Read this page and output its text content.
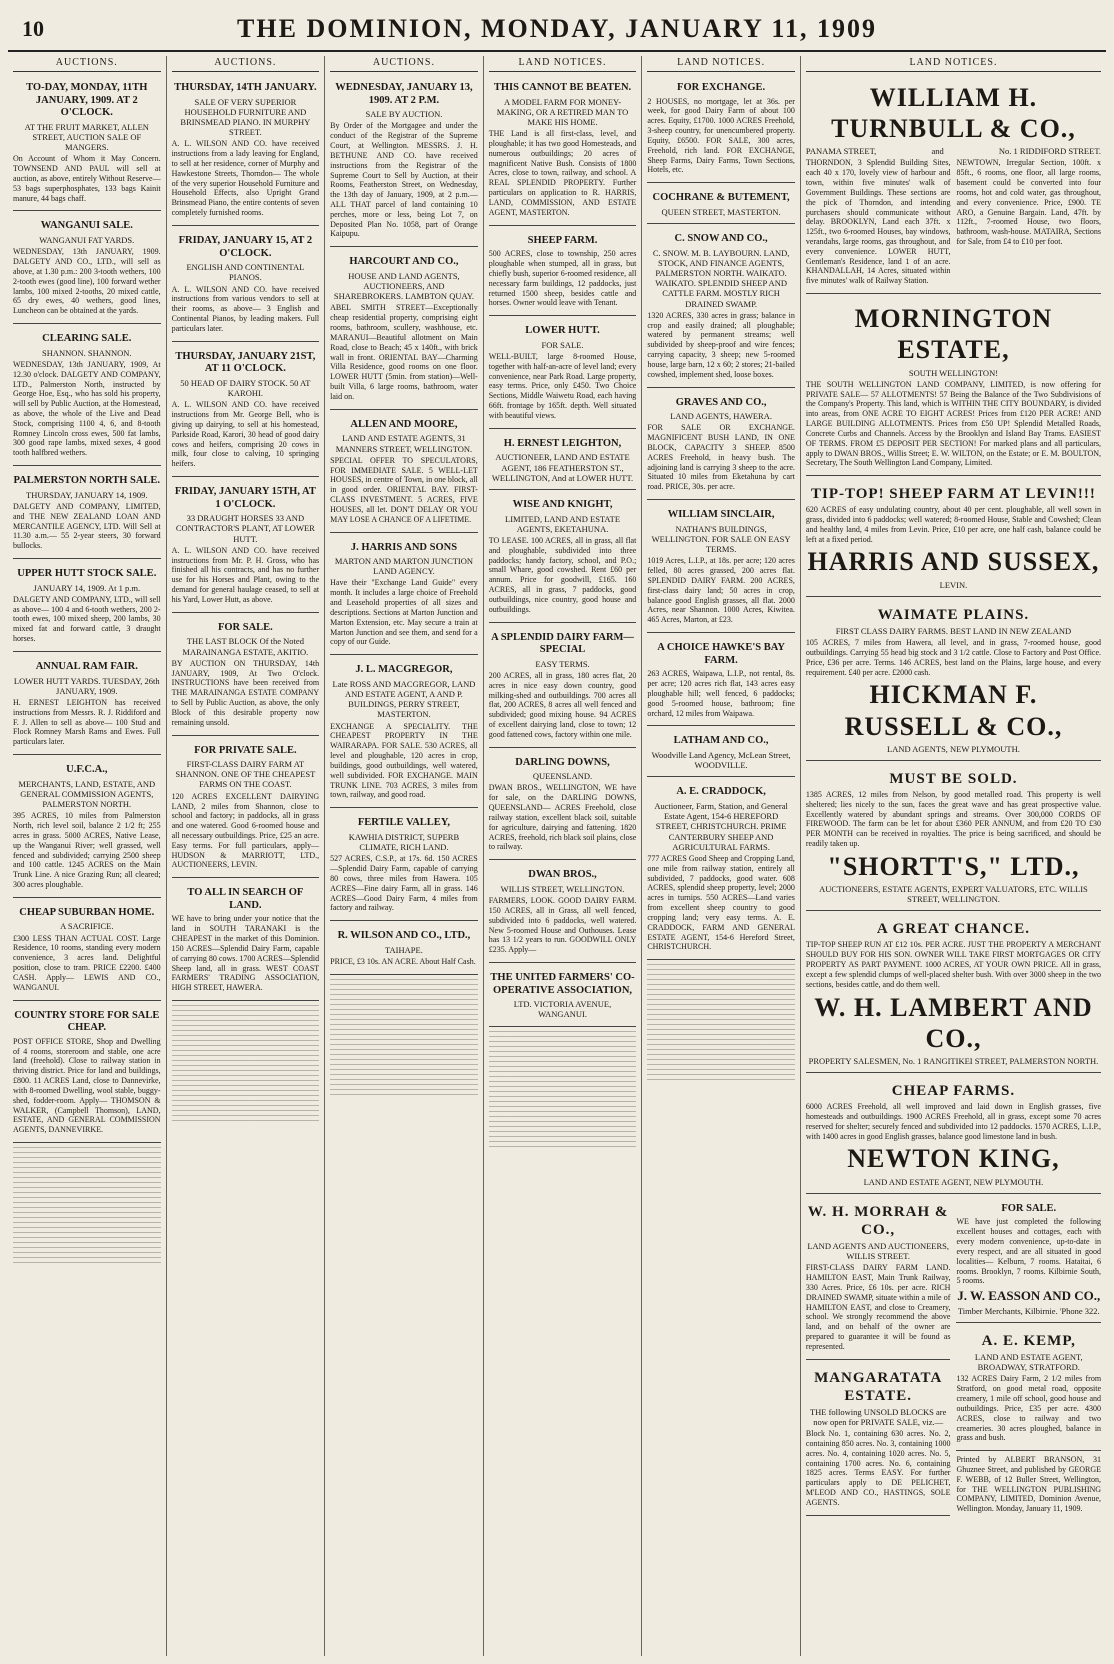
10	THE DOMINION, MONDAY, JANUARY 11, 1909
AUCTIONS.
TO-DAY, MONDAY, 11TH JANUARY, 1909. AT 2 O'CLOCK.
AT THE FRUIT MARKET, ALLEN STREET, AUCTION SALE OF MANGERS.
On Account of Whom it May Concern. TOWNSEND AND PAUL will sell at auction, as above, entirely Without Reserve— 53 bags superphosphates, 133 bags Kainit manure, 44 bags chaff.
WANGANUI SALE.
WANGANUI FAT YARDS.
WEDNESDAY, 13th JANUARY, 1909. DALGETY AND CO., LTD., will sell as above, at 1.30 p.m.: 200 3-tooth wethers, 100 2-tooth ewes (good line), 100 forward wether lambs, 100 mixed 2-tooths, 20 mixed cattle, 65 dry ewes, 40 wethers, good lines, Luncheon can be obtained at the yards.
CLEARING SALE.
SHANNON. SHANNON.
WEDNESDAY, 13th JANUARY, 1909, At 12.30 o'clock. DALGETY AND COMPANY, LTD., Palmerston North, instructed by George Hoe, Esq., who has sold his property, will sell by Public Auction, at the Homestead, as above, the whole of the Live and Dead Stock, comprising 1100 4, 6, and 8-tooth Romney Lincoln cross ewes, 500 fat lambs, 300 good rape lambs, mixed sexes, 4 good tooth halfbred wethers.
PALMERSTON NORTH SALE.
THURSDAY, JANUARY 14, 1909.
DALGETY AND COMPANY, LIMITED, and THE NEW ZEALAND LOAN AND MERCANTILE AGENCY, LTD. Will Sell at 11.30 a.m.— 55 2-year steers, 30 forward bullocks.
UPPER HUTT STOCK SALE.
JANUARY 14, 1909. At 1 p.m.
DALGETY AND COMPANY, LTD., will sell as above— 100 4 and 6-tooth wethers, 200 2-tooth ewes, 100 mixed sheep, 200 lambs, 30 mixed fat and forward cattle, 3 draught horses.
ANNUAL RAM FAIR.
LOWER HUTT YARDS. TUESDAY, 26th JANUARY, 1909.
H. ERNEST LEIGHTON has received instructions from Messrs. R. J. Riddiford and F. J. Allen to sell as above— 100 Stud and Flock Romney Marsh Rams and Ewes. Full particulars later.
U.F.C.A.,
MERCHANTS, LAND, ESTATE, AND GENERAL COMMISSION AGENTS, PALMERSTON NORTH.
395 ACRES, 10 miles from Palmerston North, rich level soil, balance 2 1/2 ft; 255 acres in grass. 5000 ACRES, Native Lease, up the Wanganui River; well grassed, well fenced and subdivided; carrying 2500 sheep and 100 cattle. 1245 ACRES on the Main Trunk Line. A nice Grazing Run; all cleared; 300 acres ploughable.
CHEAP SUBURBAN HOME.
A SACRIFICE.
£300 LESS THAN ACTUAL COST. Large Residence, 10 rooms, standing every modern convenience, 3 acres land. Delightful position, close to tram. PRICE £2200. £400 CASH. Apply— LEWIS AND CO., WANGANUI.
COUNTRY STORE FOR SALE CHEAP.
POST OFFICE STORE, Shop and Dwelling of 4 rooms, storeroom and stable, one acre land (freehold). Close to railway station in thriving district. Price for land and buildings, £800. 11 ACRES Land, close to Dannevirke, with 8-roomed Dwelling, wool stable, buggy-shed, fodder-room. Apply— THOMSON & WALKER, (Campbell Thomson), LAND, ESTATE, AND GENERAL COMMISSION AGENTS, DANNEVIRKE.
AUCTIONS.
THURSDAY, 14TH JANUARY.
SALE OF VERY SUPERIOR HOUSEHOLD FURNITURE AND BRINSMEAD PIANO. IN MURPHY STREET.
A. L. WILSON AND CO. have received instructions from a lady leaving for England, to sell at her residence, corner of Murphy and Hawkestone Streets, Thorndon— The whole of the very superior Household Furniture and Household Effects, also Upright Grand Brinsmead Piano, the entire contents of seven completely furnished rooms.
FRIDAY, JANUARY 15, AT 2 O'CLOCK.
ENGLISH AND CONTINENTAL PIANOS.
A. L. WILSON AND CO. have received instructions from various vendors to sell at their rooms, as above— 3 English and Continental Pianos, by leading makers. Full particulars later.
THURSDAY, JANUARY 21ST, AT 11 O'CLOCK.
50 HEAD OF DAIRY STOCK. 50 AT KAROHI.
A. L. WILSON AND CO. have received instructions from Mr. George Bell, who is giving up dairying, to sell at his homestead, Parkside Road, Karori, 30 head of good dairy cows and heifers, comprising 20 cows in milk, four close to calving, 10 springing heifers.
FRIDAY, JANUARY 15TH, AT 1 O'CLOCK.
33 DRAUGHT HORSES 33 AND CONTRACTOR'S PLANT, AT LOWER HUTT.
A. L. WILSON AND CO. have received instructions from Mr. P. H. Gross, who has finished all his contracts, and has no further use for his Horses and Plant, owing to the demand for general haulage ceased, to sell at his Yard, Lower Hutt, as above.
FOR SALE.
THE LAST BLOCK Of the Noted MARAINANGA ESTATE, AKITIO.
BY AUCTION ON THURSDAY, 14th JANUARY, 1909, At Two O'clock. INSTRUCTIONS have been received from THE MARAINANGA ESTATE COMPANY to Sell by Public Auction, as above, the only Block of this desirable property now remaining unsold.
FOR PRIVATE SALE.
FIRST-CLASS DAIRY FARM AT SHANNON. ONE OF THE CHEAPEST FARMS ON THE COAST.
120 ACRES EXCELLENT DAIRYING LAND, 2 miles from Shannon, close to school and factory; in paddocks, all in grass and one watered. Good 6-roomed house and all necessary outbuildings. Price, £25 an acre. Easy terms. For full particulars, apply— HUDSON & MARRIOTT, LTD., AUCTIONEERS, LEVIN.
TO ALL IN SEARCH OF LAND.
WE have to bring under your notice that the land in SOUTH TARANAKI is the CHEAPEST in the market of this Dominion. 150 ACRES—Splendid Dairy Farm, capable of carrying 80 cows. 1700 ACRES—Splendid Sheep land, all in grass. WEST COAST FARMERS' TRADING ASSOCIATION, HIGH STREET, HAWERA.
AUCTIONS.
WEDNESDAY, JANUARY 13, 1909. AT 2 P.M.
SALE BY AUCTION.
By Order of the Mortgagee and under the conduct of the Registrar of the Supreme Court, at Wellington. MESSRS. J. H. BETHUNE AND CO. have received instructions from the Registrar of the Supreme Court to Sell by Auction, at their Rooms, Featherston Street, on Wednesday, the 13th day of January, 1909, at 2 p.m.— ALL THAT parcel of land containing 10 perches, more or less, being Lot 7, on Deposited Plan No. 1058, part of Orange Kaipupu.
HARCOURT AND CO.,
HOUSE AND LAND AGENTS, AUCTIONEERS, AND SHAREBROKERS. LAMBTON QUAY.
ABEL SMITH STREET—Exceptionally cheap residential property, comprising eight rooms, bathroom, scullery, washhouse, etc. MARANUI—Beautiful allotment on Main Road, close to Beach; 45 x 140ft., with brick wall in front. ORIENTAL BAY—Charming Villa Residence, good rooms on one floor. LOWER HUTT (5min. from station)—Well-built Villa, 6 large rooms, bathroom, water laid on.
ALLEN AND MOORE,
LAND AND ESTATE AGENTS, 31 MANNERS STREET, WELLINGTON.
SPECIAL OFFER TO SPECULATORS, FOR IMMEDIATE SALE. 5 WELL-LET HOUSES, in centre of Town, in one block, all in good order. ORIENTAL BAY. FIRST-CLASS INVESTMENT. 5 ACRES, FIVE HOUSES, all let. DON'T DELAY OR YOU MAY LOSE A CHANCE OF A LIFETIME.
J. HARRIS AND SONS
MARTON AND MARTON JUNCTION LAND AGENCY.
Have their "Exchange Land Guide" every month. It includes a large choice of Freehold and Leasehold properties of all sizes and descriptions. Sections at Marton Junction and Marton Extension, etc. May secure a train at Marton Junction and see them, and send for a copy of our Guide.
J. L. MACGREGOR,
Late ROSS AND MACGREGOR, LAND AND ESTATE AGENT, A AND P. BUILDINGS, PERRY STREET, MASTERTON.
EXCHANGE A SPECIALITY. THE CHEAPEST PROPERTY IN THE WAIRARAPA. FOR SALE. 530 ACRES, all level and ploughable, 120 acres in crop, buildings, good outbuildings, well watered, well subdivided. FOR EXCHANGE. MAIN TRUNK LINE. 703 ACRES, 3 miles from town, railway, and good road.
FERTILE VALLEY,
KAWHIA DISTRICT, SUPERB CLIMATE, RICH LAND.
527 ACRES, C.S.P., at 17s. 6d. 150 ACRES—Splendid Dairy Farm, capable of carrying 80 cows, three miles from Hawera. 105 ACRES—Fine dairy Farm, all in grass. 146 ACRES—Good Dairy Farm, 4 miles from factory and railway.
R. WILSON AND CO., LTD.,
TAIHAPE.
PRICE, £3 10s. AN ACRE. About Half Cash.
LAND NOTICES.
THIS CANNOT BE BEATEN.
A MODEL FARM FOR MONEY-MAKING, OR A RETIRED MAN TO MAKE HIS HOME.
THE Land is all first-class, level, and ploughable; it has two good Homesteads, and numerous outbuildings; 20 acres of magnificent Native Bush. Consists of 1800 Acres, close to town, railway, and school. A REAL SPLENDID PROPERTY. Further particulars on application to R. HARRIS, LAND, COMMISSION, AND ESTATE AGENT, MASTERTON.
SHEEP FARM.
500 ACRES, close to township, 250 acres ploughable when stumped, all in grass, but chiefly bush, superior 6-roomed residence, all necessary farm buildings, 12 paddocks, just returned 1500 sheep, besides cattle and horses. Owner would leave with Tenant.
LOWER HUTT.
FOR SALE.
WELL-BUILT, large 8-roomed House, together with half-an-acre of level land; every convenience, near Park Road. Large property, easy terms. Price, only £450. Two Choice Sections, Middle Waiwetu Road, each having 66ft. frontage by 165ft. depth. Well situated with beautiful views.
H. ERNEST LEIGHTON,
AUCTIONEER, LAND AND ESTATE AGENT, 186 FEATHERSTON ST., WELLINGTON, And at LOWER HUTT.
WISE AND KNIGHT,
LIMITED, LAND AND ESTATE AGENTS, EKETAHUNA.
TO LEASE. 100 ACRES, all in grass, all flat and ploughable, subdivided into three paddocks; handy factory, school, and P.O.; small Whare, good cowshed. Rent £60 per annum. Price for goodwill, £165. 160 ACRES, all in grass, 7 paddocks, good outbuildings, nice country, good house and outbuildings.
A SPLENDID DAIRY FARM—SPECIAL
EASY TERMS.
200 ACRES, all in grass, 180 acres flat, 20 acres in nice easy down country, good milking-shed and outbuildings. 700 acres all flat, 200 ACRES, 8 acres all well fenced and subdivided; good mixing house. 94 ACRES of excellent dairying land, close to town; 12 good fattened cows, factory within one mile.
DARLING DOWNS,
QUEENSLAND.
DWAN BROS., WELLINGTON, WE have for sale, on the DARLING DOWNS, QUEENSLAND— ACRES Freehold, close railway station, excellent black soil, suitable for agriculture, dairying and fattening. 1820 ACRES, freehold, rich black soil plains, close to railway.
DWAN BROS.,
WILLIS STREET, WELLINGTON.
FARMERS, LOOK. GOOD DAIRY FARM. 150 ACRES, all in Grass, all well fenced, subdivided into 6 paddocks, well watered. New 5-roomed House and Outhouses. Lease has 13 1/2 years to run. GOODWILL ONLY £235. Apply—
THE UNITED FARMERS' CO-OPERATIVE ASSOCIATION,
LTD. VICTORIA AVENUE, WANGANUI.
LAND NOTICES.
FOR EXCHANGE.
2 HOUSES, no mortgage, let at 36s. per week, for good Dairy Farm of about 100 acres. Equity, £1700. 1000 ACRES Freehold, 3-sheep country, for unencumbered property. Equity, £6500. FOR SALE, 300 acres, Freehold, rich land. FOR EXCHANGE, Sheep Farms, Dairy Farms, Town Sections, Hotels, etc.
COCHRANE & BUTEMENT,
QUEEN STREET, MASTERTON.
C. SNOW AND CO.,
C. SNOW. M. B. LAYBOURN. LAND, STOCK, AND FINANCE AGENTS, PALMERSTON NORTH. WAIKATO. WAIKATO. SPLENDID SHEEP AND CATTLE FARM. MOSTLY RICH DRAINED SWAMP.
1320 ACRES, 330 acres in grass; balance in crop and easily drained; all ploughable; watered by permanent streams; well subdivided by sheep-proof and wire fences; carrying capacity, 3 sheep; new 5-roomed house, large barn, 12 x 60; 2 stores; 21-bailed cowshed, implement shed, loose boxes.
GRAVES AND CO.,
LAND AGENTS, HAWERA.
FOR SALE OR EXCHANGE. MAGNIFICENT BUSH LAND, IN ONE BLOCK, CAPACITY 3 SHEEP. 8500 ACRES Freehold, in heavy bush. The adjoining land is carrying 3 sheep to the acre. Situated 10 miles from Eketahuna by cart road. PRICE, 30s. per acre.
WILLIAM SINCLAIR,
NATHAN'S BUILDINGS, WELLINGTON. FOR SALE ON EASY TERMS.
1019 Acres, L.I.P., at 18s. per acre; 120 acres felled, 80 acres grassed, 200 acres flat. SPLENDID DAIRY FARM. 200 ACRES, first-class dairy land; 50 acres in crop, balance good English grasses, all flat. 2000 Acres, near Shannon. 1000 Acres, Kiwitea. 465 Acres, Marton, at £23.
A CHOICE HAWKE'S BAY FARM.
263 ACRES, Waipawa, L.I.P., not rental, 8s. per acre; 120 acres rich flat, 143 acres easy ploughable hill; well fenced, 6 paddocks; good 5-roomed house, bathroom; fine orchard, 12 miles from Waipawa.
LATHAM AND CO.,
Woodville Land Agency, McLean Street, WOODVILLE.
A. E. CRADDOCK,
Auctioneer, Farm, Station, and General Estate Agent, 154-6 HEREFORD STREET, CHRISTCHURCH. PRIME CANTERBURY SHEEP AND AGRICULTURAL FARMS.
777 ACRES Good Sheep and Cropping Land, one mile from railway station, entirely all subdivided, 7 paddocks, good water. 608 ACRES, splendid sheep property, level; 2000 acres in turnips. 550 ACRES—Land varies from excellent sheep country to good cropping land; very easy terms. A. E. CRADDOCK, FARM AND GENERAL ESTATE AGENT, 154-6 Hereford Street, CHRISTCHURCH.
LAND NOTICES.
WILLIAM H. TURNBULL & CO.,
PANAMA STREET,	and	No. 1 RIDDIFORD STREET.
THORNDON, 3 Splendid Building Sites, each 40 x 170, lovely view of harbour and town, within five minutes' walk of Government Buildings. These sections are the pick of Thorndon, and intending purchasers should communicate without delay. BROOKLYN, Land each 37ft. x 125ft., two 6-roomed Houses, bay windows, verandahs, large rooms, gas throughout, and every convenience. LOWER HUTT, Gentleman's Residence, land 1 of an acre. KHANDALLAH, 14 Acres, situated within five minutes' walk of Railway Station.
NEWTOWN, Irregular Section, 100ft. x 85ft., 6 rooms, one floor, all large rooms, basement could be converted into four rooms, hot and cold water, gas throughout, and every convenience. Price, £900. TE ARO, a Genuine Bargain. Land, 47ft. by 112ft., 7-roomed House, two floors, bathroom, wash-house. MATAIRA, Sections for Sale, from £4 to £10 per foot.
MORNINGTON ESTATE,
SOUTH WELLINGTON!
THE SOUTH WELLINGTON LAND COMPANY, LIMITED, is now offering for PRIVATE SALE— 57 ALLOTMENTS! 57 Being the Balance of the Two Subdivisions of the Company's Property. This land, which is WITHIN THE CITY BOUNDARY, is divided into areas, from ONE ACRE TO EIGHT ACRES! Prices from £120 PER ACRE! AND LARGE BUILDING ALLOTMENTS. Prices from £50 UP! Splendid Metalled Roads, Concrete Curbs and Channels. Access by the Brooklyn and Island Bay Trams. EASIEST OF TERMS. FROM £5 DEPOSIT PER SECTION! For marked plans and all particulars, apply to DWAN BROS., Willis Street; E. W. WILTON, on the Estate; or E. M. BOULTON, Secretary, The South Wellington Land Company, Limited.
TIP-TOP! SHEEP FARM AT LEVIN!!!
620 ACRES of easy undulating country, about 40 per cent. ploughable, all well sown in grass, divided into 6 paddocks; well watered; 8-roomed House, Stable and Cowshed; Clean and healthy land, 4 miles from Levin. Price, £10 per acre, one half cash, balance could be left at a fixed period.
HARRIS AND SUSSEX,
LEVIN.
WAIMATE PLAINS.
FIRST CLASS DAIRY FARMS. BEST LAND IN NEW ZEALAND
105 ACRES, 7 miles from Hawera, all level, and in grass, 7-roomed house, good outbuildings. Carrying 55 head big stock and 3 1/2 cattle. Close to Factory and Post Office. Price, £36 per acre. Terms. 146 ACRES, best land on the Plains, large house, and every requirement. £40 per acre. £2000 cash.
HICKMAN F. RUSSELL & CO.,
LAND AGENTS, NEW PLYMOUTH.
MUST BE SOLD.
1385 ACRES, 12 miles from Nelson, by good metalled road. This property is well sheltered; lies nicely to the sun, faces the great wave and has great prospective value. Excellently watered by abundant springs and streams. Over 300,000 CORDS OF FIREWOOD. The farm can be let for about £360 PER ANNUM, and from £20 TO £30 PER MONTH can be received in royalties. The price is being sacrificed, and should be readily taken up.
"SHORTT'S," LTD.,
AUCTIONEERS, ESTATE AGENTS, EXPERT VALUATORS, ETC. WILLIS STREET, WELLINGTON.
A GREAT CHANCE.
TIP-TOP SHEEP RUN AT £12 10s. PER ACRE. JUST THE PROPERTY A MERCHANT SHOULD BUY FOR HIS SON. OWNER WILL TAKE FIRST MORTGAGES OR CITY PROPERTY AS PART PAYMENT. 1000 ACRES, AT YOUR OWN PRICE. All in grass, except a few splendid clumps of well-placed shelter bush. With over 3000 sheep in the two sections, besides cattle, and do them well.
W. H. LAMBERT AND CO.,
PROPERTY SALESMEN, No. 1 RANGITIKEI STREET, PALMERSTON NORTH.
CHEAP FARMS.
6000 ACRES Freehold, all well improved and laid down in English grasses, five homesteads and outbuildings. 1900 ACRES Freehold, all in grass, except some 70 acres reserved for shelter; securely fenced and subdivided into 12 paddocks. 1570 ACRES, L.I.P., with 1400 acres in good English grasses, balance good limestone land in bush.
NEWTON KING,
LAND AND ESTATE AGENT, NEW PLYMOUTH.
W. H. MORRAH & CO.,
LAND AGENTS AND AUCTIONEERS, WILLIS STREET.
FIRST-CLASS DAIRY FARM LAND. HAMILTON EAST, Main Trunk Railway, 330 Acres. Price, £6 10s. per acre. RICH DRAINED SWAMP, situate within a mile of HAMILTON EAST, and close to Creamery, school. We strongly recommend the above land, and on behalf of the owner are prepared to guarantee it will be found as represented.
MANGARATATA ESTATE.
THE following UNSOLD BLOCKS are now open for PRIVATE SALE, viz.—
Block No. 1, containing 630 acres. No. 2, containing 850 acres. No. 3, containing 1000 acres. No. 4, containing 1020 acres. No. 5, containing 1700 acres. No. 6, containing 1825 acres. Terms EASY. For further particulars apply to DE PELICHET, M'LEOD AND CO., HASTINGS, SOLE AGENTS.
FOR SALE.
WE have just completed the following excellent houses and cottages, each with every modern convenience, up-to-date in every respect, and are all situated in good localities— Kelburn, 7 rooms. Hataitai, 6 rooms. Brooklyn, 7 rooms. Kilbirnie South, 5 rooms.
J. W. EASSON AND CO.,
Timber Merchants, Kilbirnie. 'Phone 322.
A. E. KEMP,
LAND AND ESTATE AGENT, BROADWAY, STRATFORD.
132 ACRES Dairy Farm, 2 1/2 miles from Stratford, on good metal road, opposite creamery, 1 mile off school, good house and outbuildings. Price, £35 per acre. 4300 ACRES, close to railway and two creameries. 30 acres ploughed, balance in grass and bush.
Printed by ALBERT BRANSON, 31 Ghuznee Street, and published by GEORGE F. WEBB, of 12 Buller Street, Wellington, for THE WELLINGTON PUBLISHING COMPANY, LIMITED, Dominion Avenue, Wellington. Monday, January 11, 1909.
